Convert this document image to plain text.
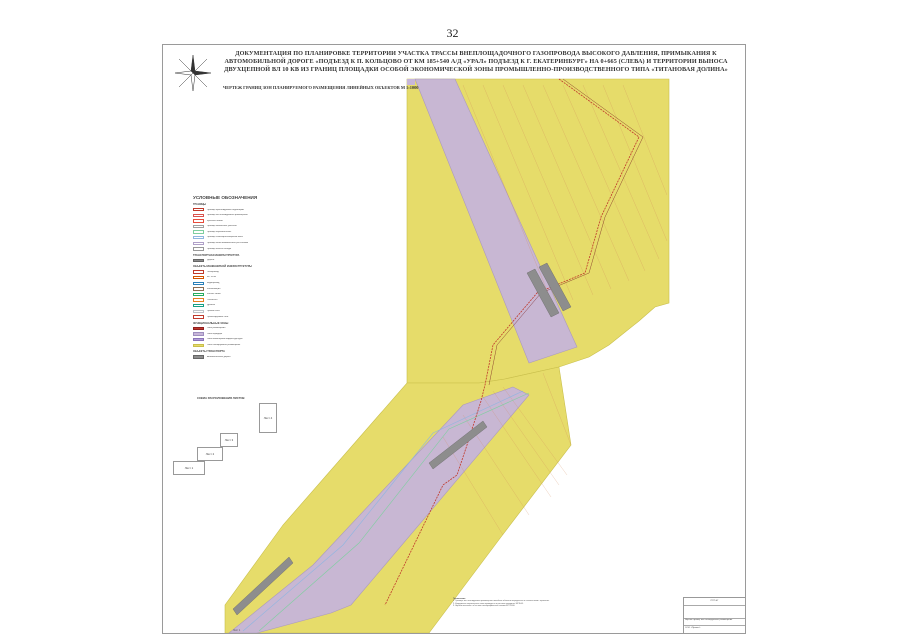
32
ДОКУМЕНТАЦИЯ ПО ПЛАНИРОВКЕ ТЕРРИТОРИИ УЧАСТКА ТРАССЫ ВНЕПЛОЩАДОЧНОГО ГАЗОПРОВОДА ВЫСОКОГО ДАВЛЕНИЯ, ПРИМЫКАНИЯ К
АВТОМОБИЛЬНОЙ ДОРОГЕ «ПОДЪЕЗД К П. КОЛЬЦОВО ОТ КМ 185+540 А/Д «УРАЛ» ПОДЪЕЗД К Г. ЕКАТЕРИНБУРГ» НА 0+665 (СЛЕВА) И ТЕРРИТОРИИ ВЫНОСА
ДВУХЦЕПНОЙ ВЛ 10 КВ ИЗ ГРАНИЦ ПЛОЩАДКИ ОСОБОЙ ЭКОНОМИЧЕСКОЙ ЗОНЫ ПРОМЫШЛЕННО-ПРОИЗВОДСТВЕННОГО ТИПА «ТИТАНОВАЯ ДОЛИНА»
ЧЕРТЕЖ ГРАНИЦ ЗОН ПЛАНИРУЕМОГО РАЗМЕЩЕНИЯ ЛИНЕЙНЫХ ОБЪЕКТОВ М 1:1000
УСЛОВНЫЕ ОБОЗНАЧЕНИЯ
ГРАНИЦЫ
Граница проектируемой территории
Граница зон планируемого размещения
Красные линии
Граница земельных участков
Граница охранной зоны
Граница санитарно-защитной зоны
Граница зоны минимальных расстояний
Граница полосы отвода
ТРАНСПОРТНАЯ ИНФРАСТРУКТУРА
Дороги
ОБЪЕКТЫ ИНЖЕНЕРНОЙ ИНФРАСТРУКТУРЫ
Газопровод
ВЛ 10 кВ
Водопровод
Канализация
Кабель связи
Теплосеть
Дренаж
Прочие сети
Проектируемые сети
ФУНКЦИОНАЛЬНЫЕ ЗОНЫ
Зона размещения
Зона коридора
Зона инженерной инфраструктуры
Зона планируемого размещения
ОБЪЕКТЫ ТРАНСПОРТА
Автомобильная дорога
СХЕМА РАСПОЛОЖЕНИЯ ЛИСТОВ
Лист 4
Лист 3
Лист 2
Лист 1
Примечание:
1. Границы зон планируемого размещения линейных объектов определены в соответствии с проектом.
2. Координаты характерных точек приведены в системе координат МСК-66.
3. Чертеж выполнен на основе топографической съемки М 1:1000.
ППТ-ЧГ
Чертеж границ зон планируемого размещения
ООО «Проект»
Лист 1
